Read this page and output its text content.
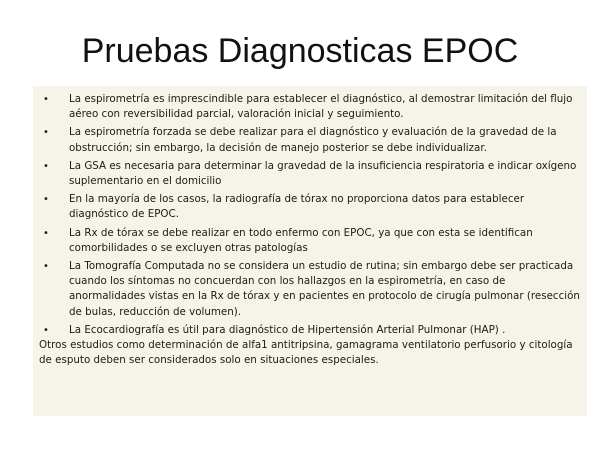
Pruebas Diagnosticas EPOC
• La espirometría es imprescindible para establecer el diagnóstico, al demostrar limitación del flujo aéreo con reversibilidad parcial, valoración inicial y seguimiento.
• La espirometría forzada se debe realizar para el diagnóstico y evaluación de la gravedad de la obstrucción; sin embargo, la decisión de manejo posterior se debe individualizar.
• La GSA es necesaria para determinar la gravedad de la insuficiencia respiratoria e indicar oxígeno suplementario en el domicilio
• En la mayoría de los casos, la radiografía de tórax no proporciona datos para establecer diagnóstico de EPOC.
• La Rx de tórax se debe realizar en todo enfermo con EPOC, ya que con esta se identifican comorbilidades o se excluyen otras patologías
• La Tomografía Computada no se considera un estudio de rutina; sin embargo debe ser practicada cuando los síntomas no concuerdan con los hallazgos en la espirometría, en caso de anormalidades vistas en la Rx de tórax y en pacientes en protocolo de cirugía pulmonar (resección de bulas, reducción de volumen).
• La Ecocardiografía es útil para diagnóstico de Hipertensión Arterial Pulmonar (HAP) .
Otros estudios como determinación de alfa1 antitripsina, gamagrama ventilatorio perfusorio y citología de esputo deben ser considerados solo en situaciones especiales.
